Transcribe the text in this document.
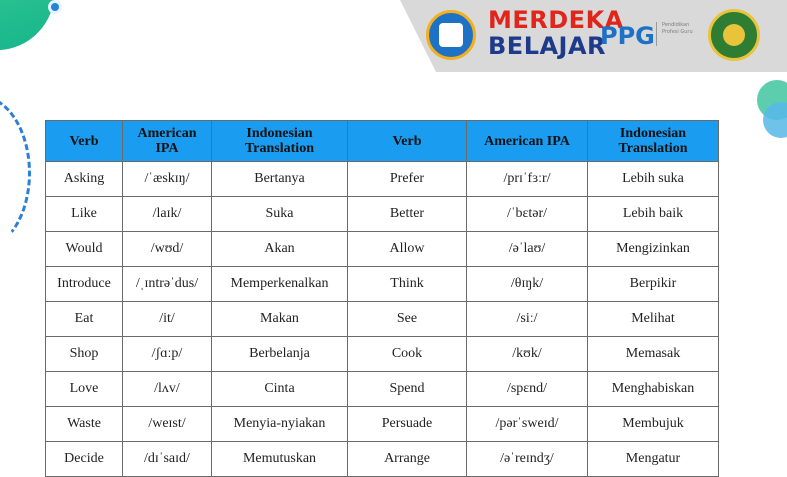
MERDEKA
BELAJAR
PPG Pendidikan Profesi Guru
Verb	American IPA	Indonesian Translation	Verb	American IPA	Indonesian Translation
Asking	/ˈæskɪŋ/	Bertanya	Prefer	/prɪˈfɜːr/	Lebih suka
Like	/laɪk/	Suka	Better	/ˈbɛtər/	Lebih baik
Would	/wʊd/	Akan	Allow	/əˈlaʊ/	Mengizinkan
Introduce	/ˌɪntrəˈdus/	Memperkenalkan	Think	/θɪŋk/	Berpikir
Eat	/it/	Makan	See	/siː/	Melihat
Shop	/ʃɑːp/	Berbelanja	Cook	/kʊk/	Memasak
Love	/lʌv/	Cinta	Spend	/spɛnd/	Menghabiskan
Waste	/weɪst/	Menyia-nyiakan	Persuade	/pərˈsweɪd/	Membujuk
Decide	/dɪˈsaɪd/	Memutuskan	Arrange	/əˈreɪndʒ/	Mengatur
